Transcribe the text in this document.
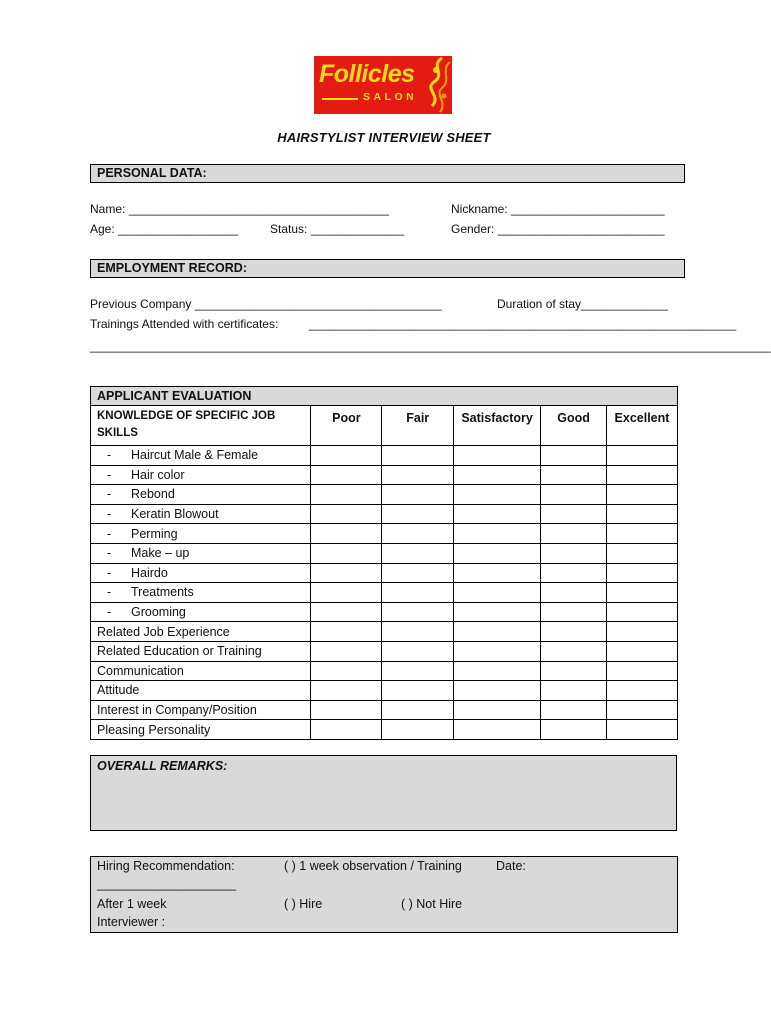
Follicles
SALON
HAIRSTYLIST INTERVIEW SHEET
PERSONAL DATA:
Name: _______________________________________	Nickname: _______________________
Age: __________________	Status: ______________	Gender: _________________________
EMPLOYMENT RECORD:
Previous Company _____________________________________	Duration of stay_____________
Trainings Attended with certificates:	________________________________________________________________
______________________________________________________________________________________________________
APPLICANT EVALUATION					
KNOWLEDGE OF SPECIFIC JOB SKILLS	Poor	Fair	Satisfactory	Good	Excellent
- Haircut Male & Female					
- Hair color					
- Rebond					
- Keratin Blowout					
- Perming					
- Make – up					
- Hairdo					
- Treatments					
- Grooming					
Related Job Experience					
Related Education or Training					
Communication					
Attitude					
Interest in Company/Position					
Pleasing Personality					
OVERALL REMARKS:
Hiring Recommendation:	( ) 1 week observation / Training	Date:
____________________
After 1 week	( ) Hire	( ) Not Hire
Interviewer :
